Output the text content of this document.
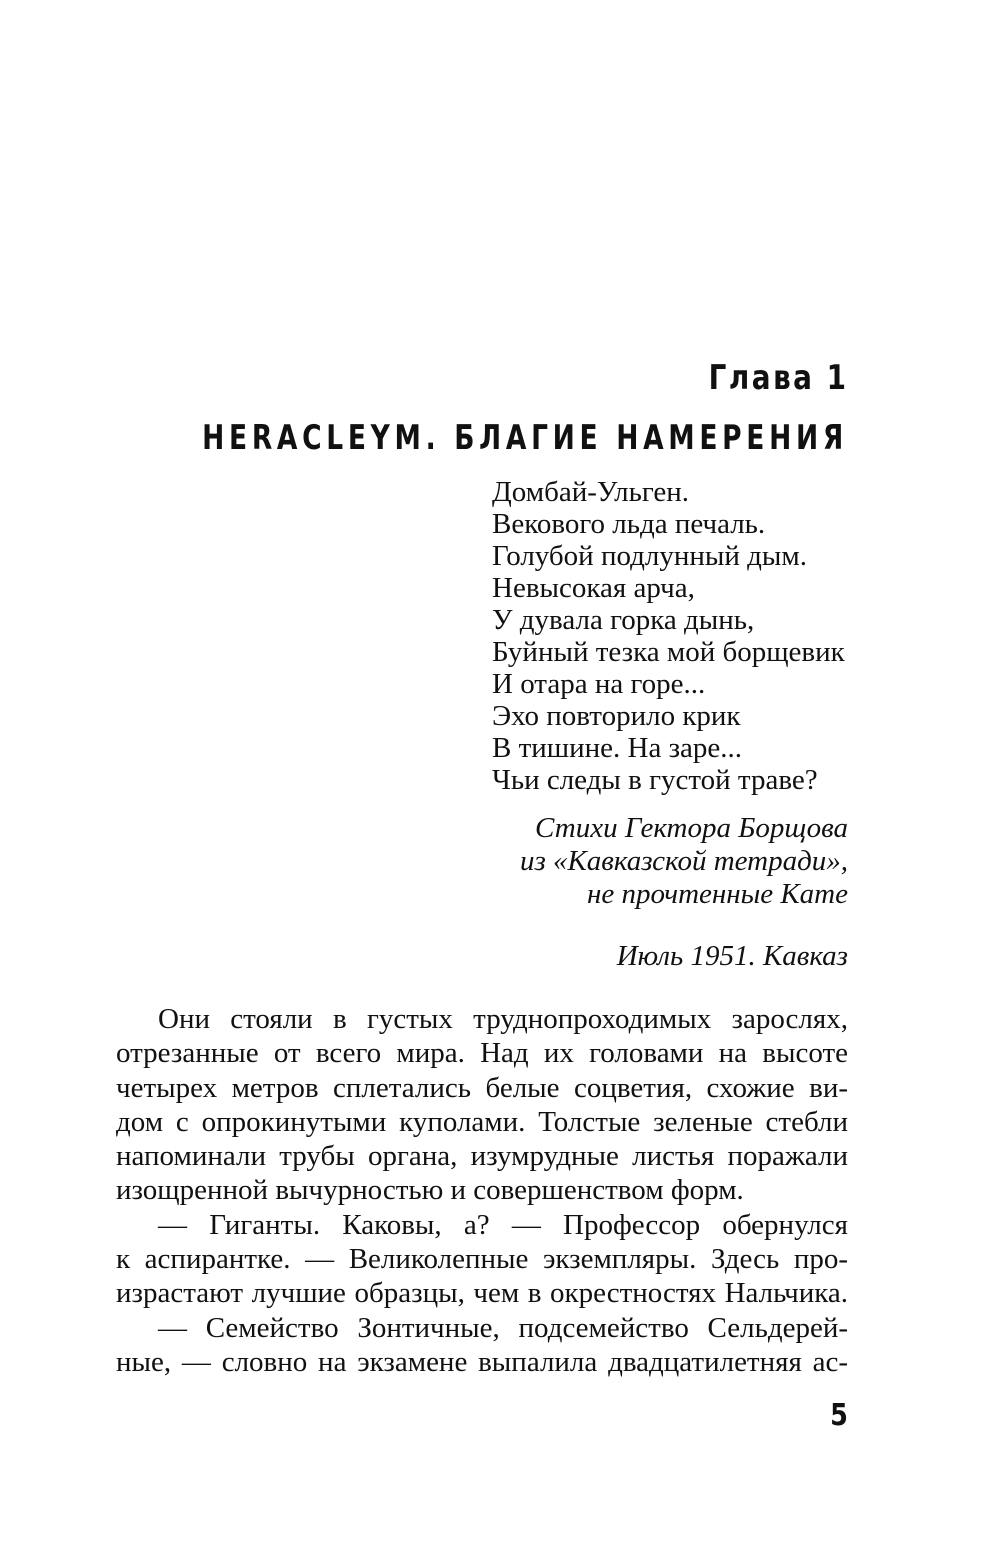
Глава 1
HERACLEYM. БЛАГИЕ НАМЕРЕНИЯ
Домбай-Ульген.
Векового льда печаль.
Голубой подлунный дым.
Невысокая арча,
У дувала горка дынь,
Буйный тезка мой борщевик
И отара на горе...
Эхо повторило крик
В тишине. На заре...
Чьи следы в густой траве?
Стихи Гектора Борщова
из «Кавказской тетради»,
не прочтенные Кате
Июль 1951. Кавказ
Они стояли в густых труднопроходимых зарослях,
отрезанные от всего мира. Над их головами на высоте
четырех метров сплетались белые соцветия, схожие ви-
дом с опрокинутыми куполами. Толстые зеленые стебли
напоминали трубы органа, изумрудные листья поражали
изощренной вычурностью и совершенством форм.
— Гиганты. Каковы, а? — Профессор обернулся
к аспирантке. — Великолепные экземпляры. Здесь про-
израстают лучшие образцы, чем в окрестностях Нальчика.
— Семейство Зонтичные, подсемейство Сельдерей-
ные, — словно на экзамене выпалила двадцатилетняя ас-
5
